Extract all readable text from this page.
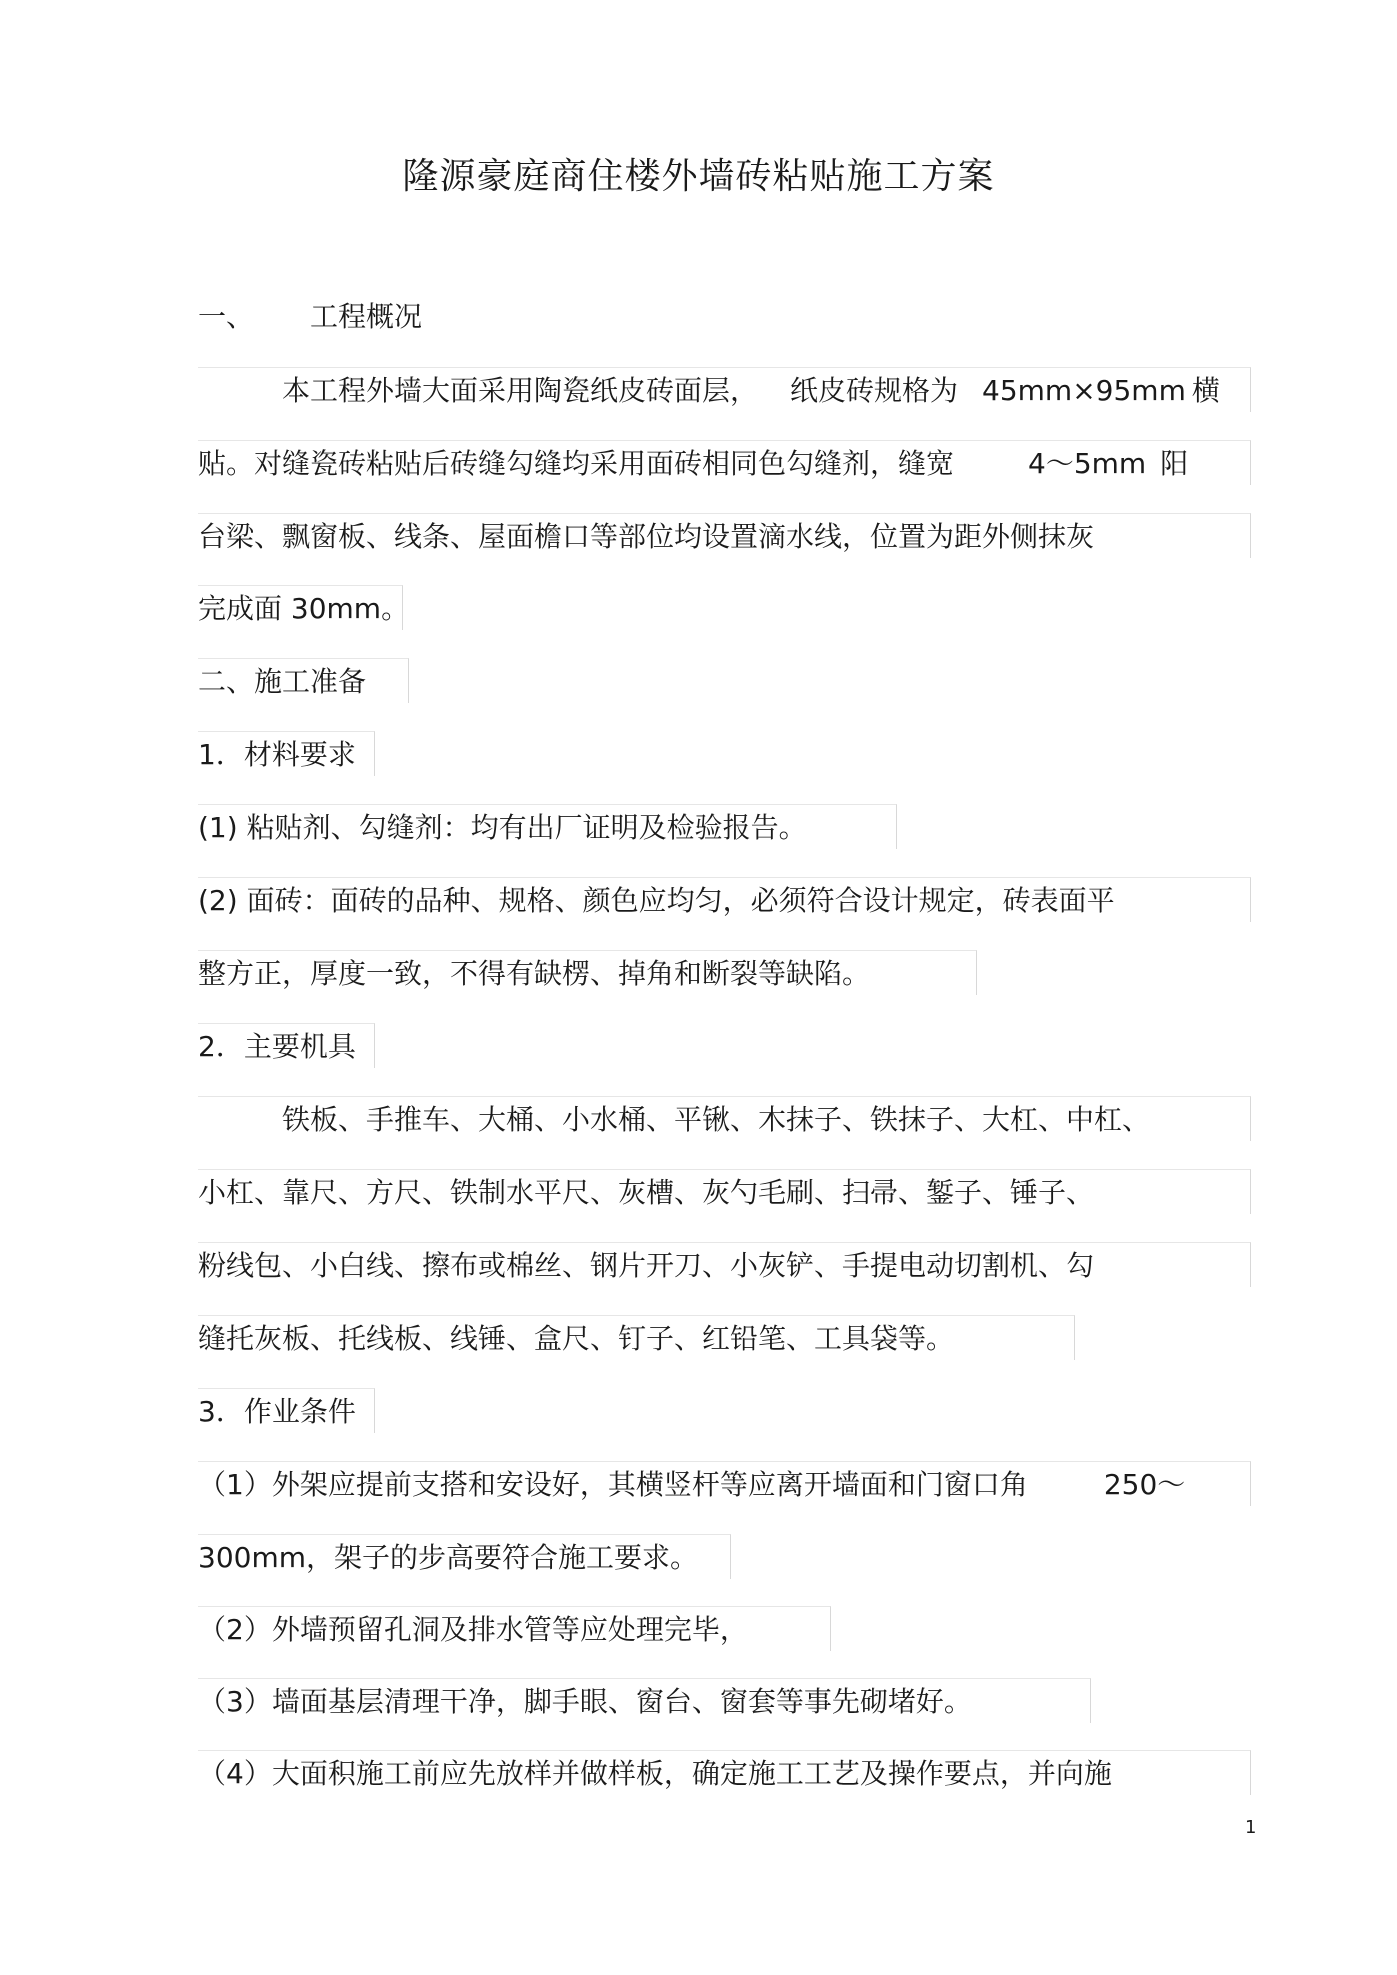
隆源豪庭商住楼外墙砖粘贴施工方案
一、 工程概况
本工程外墙大面采用陶瓷纸皮砖面层， 纸皮砖规格为 45mm×95mm 横
贴。对缝瓷砖粘贴后砖缝勾缝均采用面砖相同色勾缝剂，缝宽	4～5mm 阳
台梁、飘窗板、线条、屋面檐口等部位均设置滴水线，位置为距外侧抹灰
完成面 30mm。
二、施工准备
1．材料要求
(1) 粘贴剂、勾缝剂：均有出厂证明及检验报告。
(2) 面砖：面砖的品种、规格、颜色应均匀，必须符合设计规定，砖表面平
整方正，厚度一致，不得有缺楞、掉角和断裂等缺陷。
2．主要机具
铁板、手推车、大桶、小水桶、平锹、木抹子、铁抹子、大杠、中杠、
小杠、靠尺、方尺、铁制水平尺、灰槽、灰勺毛刷、扫帚、錾子、锤子、
粉线包、小白线、擦布或棉丝、钢片开刀、小灰铲、手提电动切割机、勾
缝托灰板、托线板、线锤、盒尺、钉子、红铅笔、工具袋等。
3．作业条件
（1）外架应提前支搭和安设好，其横竖杆等应离开墙面和门窗口角	250～
300mm，架子的步高要符合施工要求。
（2）外墙预留孔洞及排水管等应处理完毕，
（3）墙面基层清理干净，脚手眼、窗台、窗套等事先砌堵好。
（4）大面积施工前应先放样并做样板，确定施工工艺及操作要点，并向施
1
